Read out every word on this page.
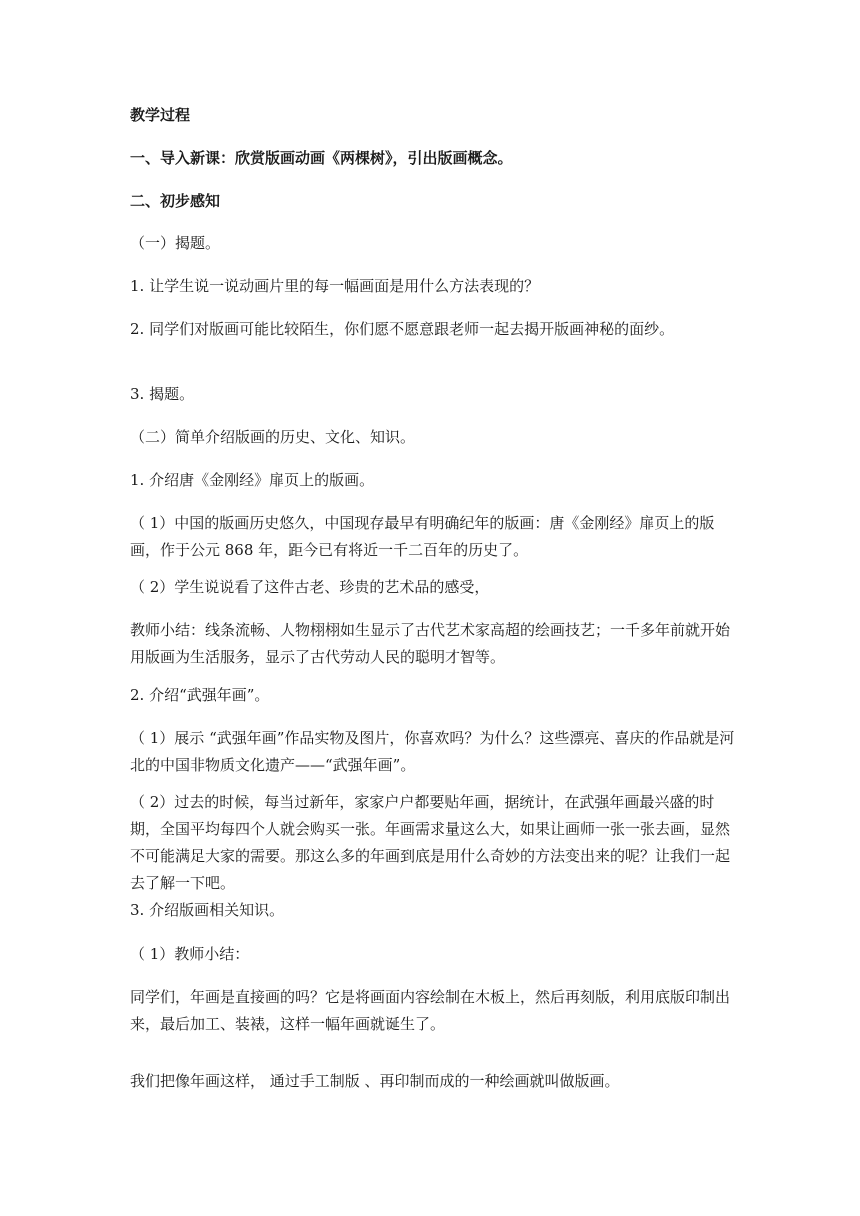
教学过程

一、导入新课：欣赏版画动画《两棵树》，引出版画概念。

二、初步感知

（一）揭题。

1. 让学生说一说动画片里的每一幅画面是用什么方法表现的？

2. 同学们对版画可能比较陌生，你们愿不愿意跟老师一起去揭开版画神秘的面纱。

3. 揭题。

（二）简单介绍版画的历史、文化、知识。

1. 介绍唐《金刚经》扉页上的版画。

（ 1）中国的版画历史悠久，中国现存最早有明确纪年的版画：唐《金刚经》扉页上的版画，作于公元 868 年，距今已有将近一千二百年的历史了。

（ 2）学生说说看了这件古老、珍贵的艺术品的感受，

教师小结：线条流畅、人物栩栩如生显示了古代艺术家高超的绘画技艺；一千多年前就开始用版画为生活服务，显示了古代劳动人民的聪明才智等。

2. 介绍“武强年画”。

（ 1）展示 “武强年画”作品实物及图片，你喜欢吗？为什么？这些漂亮、喜庆的作品就是河北的中国非物质文化遗产——“武强年画”。

（ 2）过去的时候，每当过新年，家家户户都要贴年画，据统计，在武强年画最兴盛的时期，全国平均每四个人就会购买一张。年画需求量这么大，如果让画师一张一张去画，显然不可能满足大家的需要。那这么多的年画到底是用什么奇妙的方法变出来的呢？让我们一起去了解一下吧。

3. 介绍版画相关知识。

（ 1）教师小结：

同学们，年画是直接画的吗？它是将画面内容绘制在木板上，然后再刻版，利用底版印制出来，最后加工、装裱，这样一幅年画就诞生了。

我们把像年画这样， 通过手工制版 、再印制而成的一种绘画就叫做版画。
